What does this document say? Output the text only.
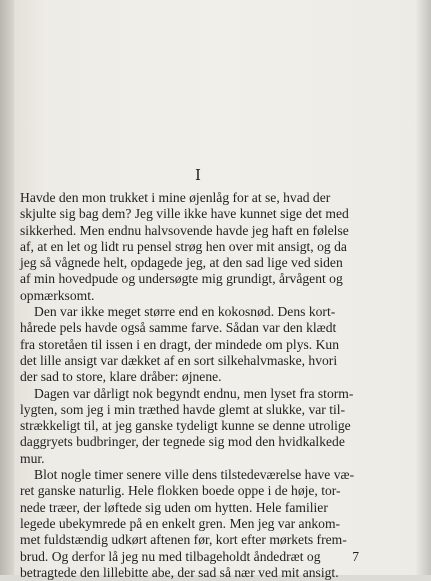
I
Havde den mon trukket i mine øjenlåg for at se, hvad der
skjulte sig bag dem? Jeg ville ikke have kunnet sige det med
sikkerhed. Men endnu halvsovende havde jeg haft en følelse
af, at en let og lidt ru pensel strøg hen over mit ansigt, og da
jeg så vågnede helt, opdagede jeg, at den sad lige ved siden
af min hovedpude og undersøgte mig grundigt, årvågent og
opmærksomt.
Den var ikke meget større end en kokosnød. Dens kort-
hårede pels havde også samme farve. Sådan var den klædt
fra storetåen til issen i en dragt, der mindede om plys. Kun
det lille ansigt var dækket af en sort silkehalvmaske, hvori
der sad to store, klare dråber: øjnene.
Dagen var dårligt nok begyndt endnu, men lyset fra storm-
lygten, som jeg i min træthed havde glemt at slukke, var til-
strækkeligt til, at jeg ganske tydeligt kunne se denne utrolige
daggryets budbringer, der tegnede sig mod den hvidkalkede
mur.
Blot nogle timer senere ville dens tilstedeværelse have væ-
ret ganske naturlig. Hele flokken boede oppe i de høje, tor-
nede træer, der løftede sig uden om hytten. Hele familier
legede ubekymrede på en enkelt gren. Men jeg var ankom-
met fuldstændig udkørt aftenen før, kort efter mørkets frem-
brud. Og derfor lå jeg nu med tilbageholdt åndedræt og
betragtede den lillebitte abe, der sad så nær ved mit ansigt.
7
